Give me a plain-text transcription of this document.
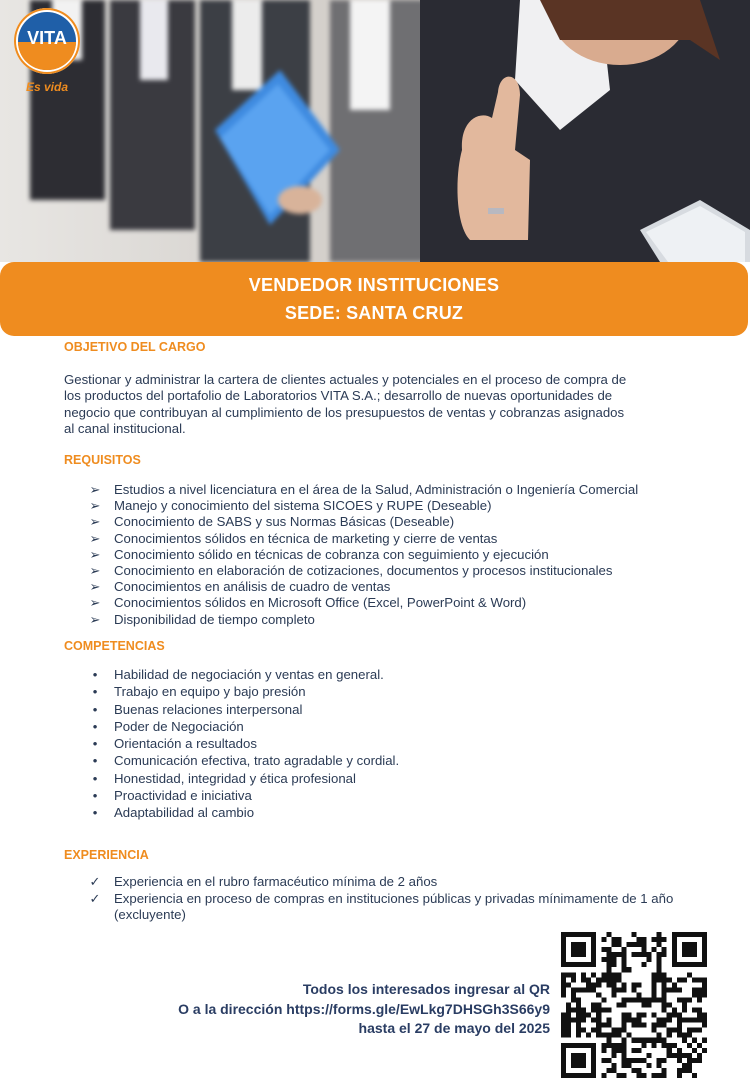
VITA
Es vida
VENDEDOR INSTITUCIONES
SEDE: SANTA CRUZ
OBJETIVO DEL CARGO
Gestionar y administrar la cartera de clientes actuales y potenciales en el proceso de compra de
los productos del portafolio de Laboratorios VITA S.A.; desarrollo de nuevas oportunidades de
negocio que contribuyan al cumplimiento de los presupuestos de ventas y cobranzas asignados
al canal institucional.
REQUISITOS
➢ Estudios a nivel licenciatura en el área de la Salud, Administración o Ingeniería Comercial
➢ Manejo y conocimiento del sistema SICOES y RUPE (Deseable)
➢ Conocimiento de SABS y sus Normas Básicas (Deseable)
➢ Conocimientos sólidos en técnica de marketing y cierre de ventas
➢ Conocimiento sólido en técnicas de cobranza con seguimiento y ejecución
➢ Conocimiento en elaboración de cotizaciones, documentos y procesos institucionales
➢ Conocimientos en análisis de cuadro de ventas
➢ Conocimientos sólidos en Microsoft Office (Excel, PowerPoint & Word)
➢ Disponibilidad de tiempo completo
COMPETENCIAS
•	Habilidad de negociación y ventas en general.
•	Trabajo en equipo y bajo presión
•	Buenas relaciones interpersonal
•	Poder de Negociación
•	Orientación a resultados
•	Comunicación efectiva, trato agradable y cordial.
•	Honestidad, integridad y ética profesional
•	Proactividad e iniciativa
•	Adaptabilidad al cambio
EXPERIENCIA
✓ Experiencia en el rubro farmacéutico mínima de 2 años
✓ Experiencia en proceso de compras en instituciones públicas y privadas mínimamente de 1 año (excluyente)
Todos los interesados ingresar al QR
O a la dirección https://forms.gle/EwLkg7DHSGh3S66y9
hasta el 27 de mayo del 2025
